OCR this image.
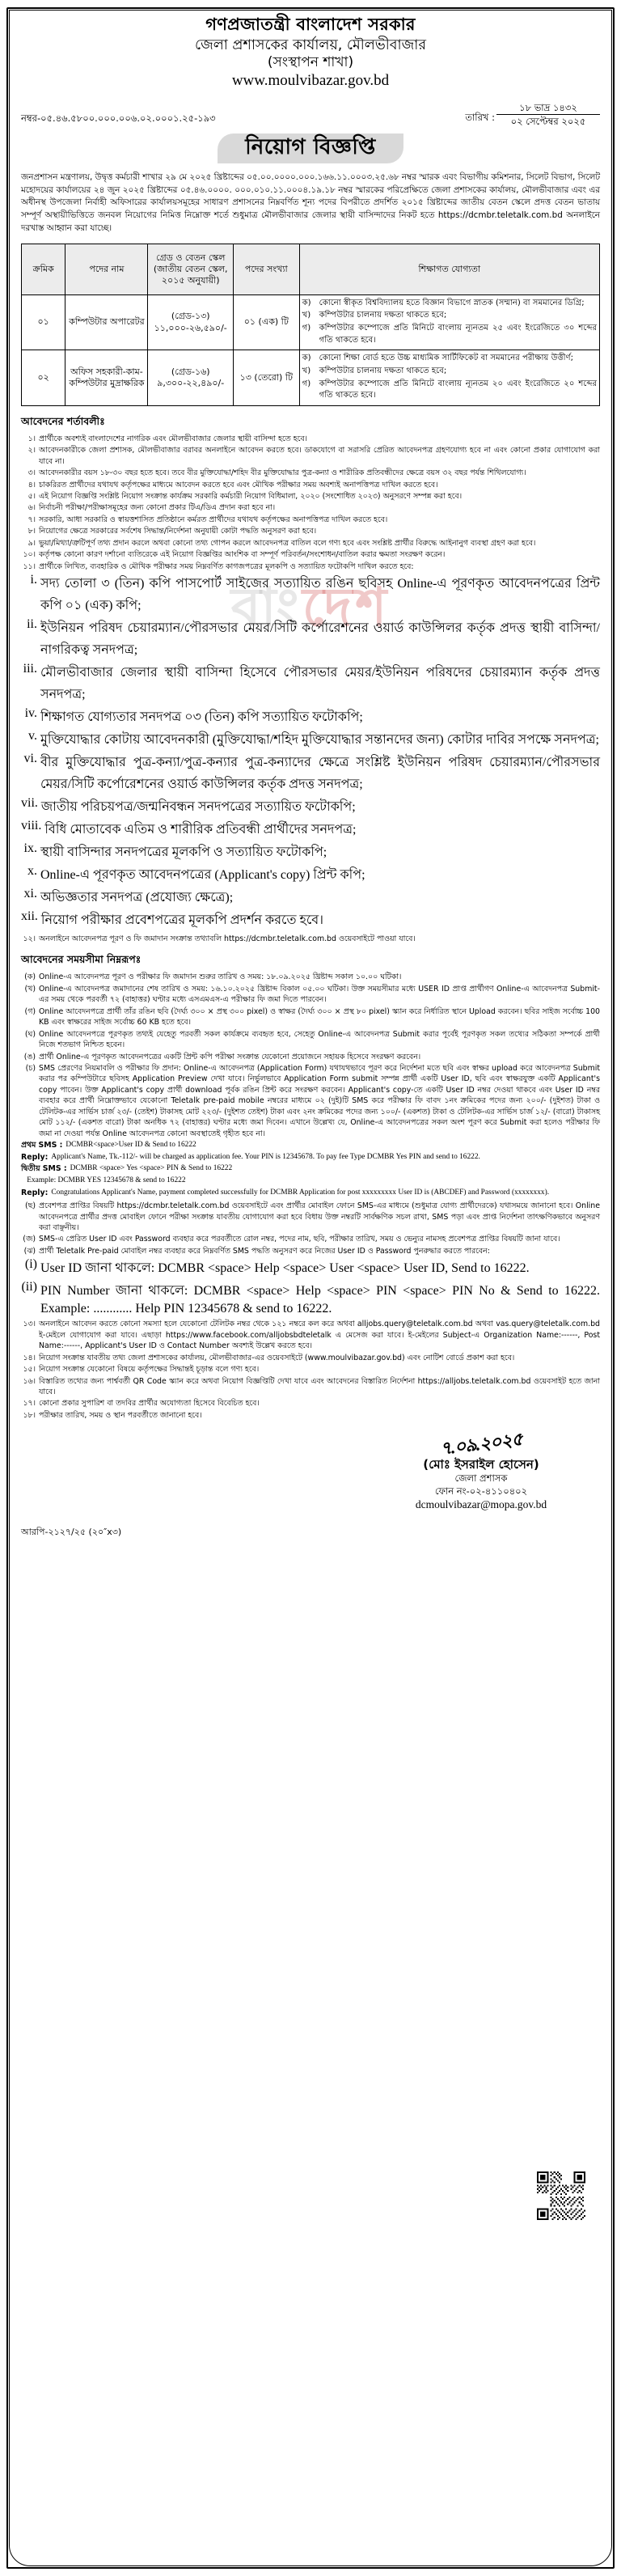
বাংদেশ
গণপ্রজাতন্ত্রী বাংলাদেশ সরকার
জেলা প্রশাসকের কার্যালয়, মৌলভীবাজার
(সংস্থাপন শাখা)
www.moulvibazar.gov.bd
নম্বর-০৫.৪৬.৫৮০০.০০০.০০৬.০২.০০০১.২৫-১৯৩	তারিখ :
১৮ ভাদ্র ১৪৩২
০২ সেপ্টেম্বর ২০২৫
নিয়োগ বিজ্ঞপ্তি
জনপ্রশাসন মন্ত্রণালয়, উদ্বৃত্ত কর্মচারী শাখার ২৯ মে ২০২৫ খ্রিষ্টাব্দের ০৫.০০.০০০০.০০০.১৬৬.১১.০০০৩.২৫.৬৮ নম্বর স্মারক এবং বিভাগীয় কমিশনার, সিলেট বিভাগ, সিলেট মহোদয়ের কার্যালয়ের ২৪ জুন ২০২৫ খ্রিষ্টাব্দের ০৫.৪৬.০০০০. ০০০.০১০.১১.০০০৪.১৯.১৮ নম্বর স্মারকের পরিপ্রেক্ষিতে জেলা প্রশাসকের কার্যালয়, মৌলভীবাজার এবং এর অধীনস্থ উপজেলা নির্বাহী অফিসারের কার্যালয়সমূহের সাধারণ প্রশাসনের নিম্নবর্ণিত শূন্য পদের বিপরীতে প্রদর্শিত ২০১৫ খ্রিষ্টাব্দের জাতীয় বেতন স্কেলে প্রদত্ত বেতন ভাতায় সম্পূর্ণ অস্থায়ীভিত্তিতে জনবল নিয়োগের নিমিত্ত নিম্নোক্ত শর্তে শুধুমাত্র মৌলভীবাজার জেলার স্থায়ী বাসিন্দাদের নিকট হতে https://dcmbr.teletalk.com.bd অনলাইনে দরখাস্ত আহ্বান করা যাচ্ছে।
ক্রমিক	পদের নাম	গ্রেড ও বেতন স্কেল (জাতীয় বেতন স্কেল, ২০১৫ অনুযায়ী)	পদের সংখ্যা	শিক্ষাগত যোগ্যতা
০১	কম্পিউটার অপারেটর	(গ্রেড-১৩) ১১,০০০-২৬,৫৯০/-	০১ (এক) টি	
ক) কোনো স্বীকৃত বিশ্ববিদ্যালয় হতে বিজ্ঞান বিভাগে স্নাতক (সম্মান) বা সমমানের ডিগ্রি;
খ)	কম্পিউটার চালনায় দক্ষতা থাকতে হবে;
গ)	কম্পিউটার কম্পোজে প্রতি মিনিটে বাংলায় ন্যূনতম ২৫ এবং ইংরেজিতে ৩০ শব্দের গতি থাকতে হবে।

০২	অফিস সহকারী-কাম-কম্পিউটার মুদ্রাক্ষরিক	(গ্রেড-১৬) ৯,৩০০-২২,৪৯০/-	১৩ (তেরো) টি	
ক) কোনো শিক্ষা বোর্ড হতে উচ্চ মাধ্যমিক সার্টিফিকেট বা সমমানের পরীক্ষায় উত্তীর্ণ;
খ)	কম্পিউটার চালনায় দক্ষতা থাকতে হবে;
গ)	কম্পিউটার কম্পোজে প্রতি মিনিটে বাংলায় ন্যূনতম ২০ এবং ইংরেজিতে ২০ শব্দের গতি থাকতে হবে।
আবেদনের শর্তাবলীঃ
১। প্রার্থীকে অবশ্যই বাংলাদেশের নাগরিক এবং মৌলভীবাজার জেলার স্থায়ী বাসিন্দা হতে হবে।
২। আবেদনকারীকে জেলা প্রশাসক, মৌলভীবাজার বরাবর অনলাইনে আবেদন করতে হবে। ডাকযোগে বা সরাসরি প্রেরিত আবেদনপত্র গ্রহণযোগ্য হবে না এবং কোনো প্রকার যোগাযোগ করা যাবে না।
৩। আবেদনকারীর বয়স ১৮-৩০ বছর হতে হবে। তবে বীর মুক্তিযোদ্ধা/শহিদ বীর মুক্তিযোদ্ধার পুত্র-কন্যা ও শারীরিক প্রতিবন্ধীদের ক্ষেত্রে বয়স ৩২ বছর পর্যন্ত শিথিলযোগ্য।
৪। চাকরিরত প্রার্থীদের যথাযথ কর্তৃপক্ষের মাধ্যমে আবেদন করতে হবে এবং মৌখিক পরীক্ষার সময় অবশ্যই অনাপত্তিপত্র দাখিল করতে হবে।
৫। এই নিয়োগ বিজ্ঞপ্তি সংশ্লিষ্ট নিয়োগ সংক্রান্ত কার্যক্রম সরকারি কর্মচারী নিয়োগ বিধিমালা, ২০২০ (সংশোধিত ২০২৩) অনুসরণে সম্পন্ন করা হবে।
৬। নির্বাচনী পরীক্ষা/পরীক্ষাসমূহের জন্য কোনো প্রকার টিএ/ডিএ প্রদান করা হবে না।
৭। সরকারি, আধা সরকারি ও স্বায়ত্তশাসিত প্রতিষ্ঠানে কর্মরত প্রার্থীদের যথাযথ কর্তৃপক্ষের অনাপত্তিপত্র দাখিল করতে হবে।
৮। নিয়োগের ক্ষেত্রে সরকারের সর্বশেষ সিদ্ধান্ত/নির্দেশনা অনুযায়ী কোটা পদ্ধতি অনুসরণ করা হবে।
৯। ভুয়া/মিথ্যা/ত্রুটিপূর্ণ তথ্য প্রদান করলে অথবা কোনো তথ্য গোপন করলে আবেদনপত্র বাতিল বলে গণ্য হবে এবং সংশ্লিষ্ট প্রার্থীর বিরুদ্ধে আইনানুগ ব্যবস্থা গ্রহণ করা হবে।
১০। কর্তৃপক্ষ কোনো কারণ দর্শানো ব্যতিরেকে এই নিয়োগ বিজ্ঞপ্তির আংশিক বা সম্পূর্ণ পরিবর্তন/সংশোধন/বাতিল করার ক্ষমতা সংরক্ষণ করেন।
১১। প্রার্থীকে লিখিত, ব্যবহারিক ও মৌখিক পরীক্ষার সময় নিম্নবর্ণিত কাগজপত্রের মূলকপি ও সত্যায়িত ফটোকপি দাখিল করতে হবে:
i. সদ্য তোলা ৩ (তিন) কপি পাসপোর্ট সাইজের সত্যায়িত রঙিন ছবিসহ Online-এ পূরণকৃত আবেদনপত্রের প্রিন্ট কপি ০১ (এক) কপি;
ii. ইউনিয়ন পরিষদ চেয়ারম্যান/পৌরসভার মেয়র/সিটি কর্পোরেশনের ওয়ার্ড কাউন্সিলর কর্তৃক প্রদত্ত স্থায়ী বাসিন্দা/নাগরিকত্ব সনদপত্র;
iii. মৌলভীবাজার জেলার স্থায়ী বাসিন্দা হিসেবে পৌরসভার মেয়র/ইউনিয়ন পরিষদের চেয়ারম্যান কর্তৃক প্রদত্ত সনদপত্র;
iv. শিক্ষাগত যোগ্যতার সনদপত্র ০৩ (তিন) কপি সত্যায়িত ফটোকপি;
v. মুক্তিযোদ্ধার কোটায় আবেদনকারী (মুক্তিযোদ্ধা/শহিদ মুক্তিযোদ্ধার সন্তানদের জন্য) কোটার দাবির সপক্ষে সনদপত্র;
vi. বীর মুক্তিযোদ্ধার পুত্র-কন্যা/পুত্র-কন্যার পুত্র-কন্যাদের ক্ষেত্রে সংশ্লিষ্ট ইউনিয়ন পরিষদ চেয়ারম্যান/পৌরসভার মেয়র/সিটি কর্পোরেশনের ওয়ার্ড কাউন্সিলর কর্তৃক প্রদত্ত সনদপত্র;
vii. জাতীয় পরিচয়পত্র/জন্মনিবন্ধন সনদপত্রের সত্যায়িত ফটোকপি;
viii. বিধি মোতাবেক এতিম ও শারীরিক প্রতিবন্ধী প্রার্থীদের সনদপত্র;
ix. স্থায়ী বাসিন্দার সনদপত্রের মূলকপি ও সত্যায়িত ফটোকপি;
x. Online-এ পূরণকৃত আবেদনপত্রের (Applicant's copy) প্রিন্ট কপি;
xi. অভিজ্ঞতার সনদপত্র (প্রযোজ্য ক্ষেত্রে);
xii. নিয়োগ পরীক্ষার প্রবেশপত্রের মূলকপি প্রদর্শন করতে হবে।
১২। অনলাইনে আবেদনপত্র পূরণ ও ফি জমাদান সংক্রান্ত তথ্যাবলি https://dcmbr.teletalk.com.bd ওয়েবসাইটে পাওয়া যাবে।
আবেদনের সময়সীমা নিম্নরূপঃ
(ক) Online-এ আবেদনপত্র পূরণ ও পরীক্ষার ফি জমাদান শুরুর তারিখ ও সময়: ১৮.০৯.২০২৫ খ্রিষ্টাব্দ সকাল ১০.০০ ঘটিকা।
(খ) Online-এ আবেদনপত্র জমাদানের শেষ তারিখ ও সময়: ১৬.১০.২০২৫ খ্রিষ্টাব্দ বিকাল ০৫.০০ ঘটিকা। উক্ত সময়সীমার মধ্যে USER ID প্রাপ্ত প্রার্থীগণ Online-এ আবেদনপত্র Submit-এর সময় থেকে পরবর্তী ৭২ (বাহাত্তর) ঘণ্টার মধ্যে এসএমএস-এ পরীক্ষার ফি জমা দিতে পারবেন।
(গ) Online আবেদনপত্রে প্রার্থী তাঁর রঙিন ছবি (দৈর্ঘ্য ৩০০ × প্রস্থ ৩০০ pixel) ও স্বাক্ষর (দৈর্ঘ্য ৩০০ × প্রস্থ ৮০ pixel) স্ক্যান করে নির্ধারিত স্থানে Upload করবেন। ছবির সাইজ সর্বোচ্চ 100 KB এবং স্বাক্ষরের সাইজ সর্বোচ্চ 60 KB হতে হবে।
(ঘ) Online আবেদনপত্রে পূরণকৃত তথ্যই যেহেতু পরবর্তী সকল কার্যক্রমে ব্যবহৃত হবে, সেহেতু Online-এ আবেদনপত্র Submit করার পূর্বেই পূরণকৃত সকল তথ্যের সঠিকতা সম্পর্কে প্রার্থী নিজে শতভাগ নিশ্চিত হবেন।
(ঙ) প্রার্থী Online-এ পূরণকৃত আবেদনপত্রের একটি প্রিন্ট কপি পরীক্ষা সংক্রান্ত যেকোনো প্রয়োজনে সহায়ক হিসেবে সংরক্ষণ করবেন।
(চ) SMS প্রেরণের নিয়মাবলি ও পরীক্ষার ফি প্রদান: Online-এ আবেদনপত্র (Application Form) যথাযথভাবে পূরণ করে নির্দেশনা মতে ছবি এবং স্বাক্ষর upload করে আবেদনপত্র Submit করার পর কম্পিউটারে ছবিসহ Application Preview দেখা যাবে। নির্ভুলভাবে Application Form submit সম্পন্ন প্রার্থী একটি User ID, ছবি এবং স্বাক্ষরযুক্ত একটি Applicant's copy পাবেন। উক্ত Applicant's copy প্রার্থী download পূর্বক রঙিন প্রিন্ট করে সংরক্ষণ করবেন। Applicant's copy-তে একটি User ID নম্বর দেওয়া থাকবে এবং User ID নম্বর ব্যবহার করে প্রার্থী নিম্নোক্তভাবে যেকোনো Teletalk pre-paid mobile নম্বরের মাধ্যমে ০২ (দুই)টি SMS করে পরীক্ষার ফি বাবদ ১নং ক্রমিকের পদের জন্য ২০০/- (দুইশত) টাকা ও টেলিটক-এর সার্ভিস চার্জ ২৩/- (তেইশ) টাকাসহ মোট ২২৩/- (দুইশত তেইশ) টাকা এবং ২নং ক্রমিকের পদের জন্য ১০০/- (একশত) টাকা ও টেলিটক-এর সার্ভিস চার্জ ১২/- (বারো) টাকাসহ মোট ১১২/- (একশত বারো) টাকা অনধিক ৭২ (বাহাত্তর) ঘণ্টার মধ্যে জমা দিবেন। এখানে উল্লেখ্য যে, Online-এ আবেদনপত্রের সকল অংশ পূরণ করে Submit করা হলেও পরীক্ষার ফি জমা না দেওয়া পর্যন্ত Online আবেদনপত্র কোনো অবস্থাতেই গৃহীত হবে না।
প্রথম SMS : DCMBR<space>User ID & Send to 16222
Reply: Applicant's Name, Tk.-112/- will be charged as application fee. Your PIN is 12345678. To pay fee Type DCMBR Yes PIN and send to 16222.
দ্বিতীয় SMS : DCMBR <space> Yes <space> PIN & Send to 16222

Example: DCMBR YES 12345678 & send to 16222
Reply: Congratulations Applicant's Name, payment completed successfully for DCMBR Application for post xxxxxxxxx User ID is (ABCDEF) and Password (xxxxxxxx).
(ছ) প্রবেশপত্র প্রাপ্তির বিষয়টি https://dcmbr.teletalk.com.bd ওয়েবসাইটে এবং প্রার্থীর মোবাইল ফোনে SMS-এর মাধ্যমে (শুধুমাত্র যোগ্য প্রার্থীদেরকে) যথাসময়ে জানানো হবে। Online আবেদনপত্রে প্রার্থীর প্রদত্ত মোবাইল ফোনে পরীক্ষা সংক্রান্ত যাবতীয় যোগাযোগ করা হবে বিধায় উক্ত নম্বরটি সার্বক্ষণিক সচল রাখা, SMS পড়া এবং প্রাপ্ত নির্দেশনা তাৎক্ষণিকভাবে অনুসরণ করা বাঞ্ছনীয়।
(জ) SMS-এ প্রেরিত User ID এবং Password ব্যবহার করে পরবর্তীতে রোল নম্বর, পদের নাম, ছবি, পরীক্ষার তারিখ, সময় ও ভেন্যুর নামসহ প্রবেশপত্র প্রাপ্তির বিষয়টি জানা যাবে।
(ঝ) প্রার্থী Teletalk Pre-paid মোবাইল নম্বর ব্যবহার করে নিম্নবর্ণিত SMS পদ্ধতি অনুসরণ করে নিজের User ID ও Password পুনরুদ্ধার করতে পারবেন:
(i) User ID জানা থাকলে: DCMBR <space> Help <space> User <space> User ID, Send to 16222.
(ii) PIN Number জানা থাকলে: DCMBR <space> Help <space> PIN <space> PIN No & Send to 16222. Example: ............ Help PIN 12345678 & send to 16222.
১৩। অনলাইনে আবেদন করতে কোনো সমস্যা হলে যেকোনো টেলিটক নম্বর থেকে ১২১ নম্বরে কল করে অথবা alljobs.query@teletalk.com.bd অথবা vas.query@teletalk.com.bd ই-মেইলে যোগাযোগ করা যাবে। এছাড়া https://www.facebook.com/alljobsbdteletalk এ মেসেজ করা যাবে। ই-মেইলের Subject-এ Organization Name:------, Post Name:------, Applicant's User ID ও Contact Number অবশ্যই উল্লেখ করতে হবে।
১৪। নিয়োগ সংক্রান্ত যাবতীয় তথ্য জেলা প্রশাসকের কার্যালয়, মৌলভীবাজার-এর ওয়েবসাইটে (www.moulvibazar.gov.bd) এবং নোটিশ বোর্ডে প্রকাশ করা হবে।
১৫। নিয়োগ সংক্রান্ত যেকোনো বিষয়ে কর্তৃপক্ষের সিদ্ধান্তই চূড়ান্ত বলে গণ্য হবে।
১৬। বিস্তারিত তথ্যের জন্য পার্শ্ববর্তী QR Code স্ক্যান করে অথবা নিয়োগ বিজ্ঞপ্তিটি দেখা যাবে এবং আবেদনের বিস্তারিত নির্দেশনা https://alljobs.teletalk.com.bd ওয়েবসাইট হতে জানা যাবে।
১৭। কোনো প্রকার সুপারিশ বা তদবির প্রার্থীর অযোগ্যতা হিসেবে বিবেচিত হবে।
১৮। পরীক্ষার তারিখ, সময় ও স্থান পরবর্তীতে জানানো হবে।
৭.০৯.২০২৫
(মোঃ ইসরাইল হোসেন)
জেলা প্রশাসক
ফোন নং-০২-৪১১০৪০২
dcmoulvibazar@mopa.gov.bd
আরপি-২১২৭/২৫ (২০″x৩)
